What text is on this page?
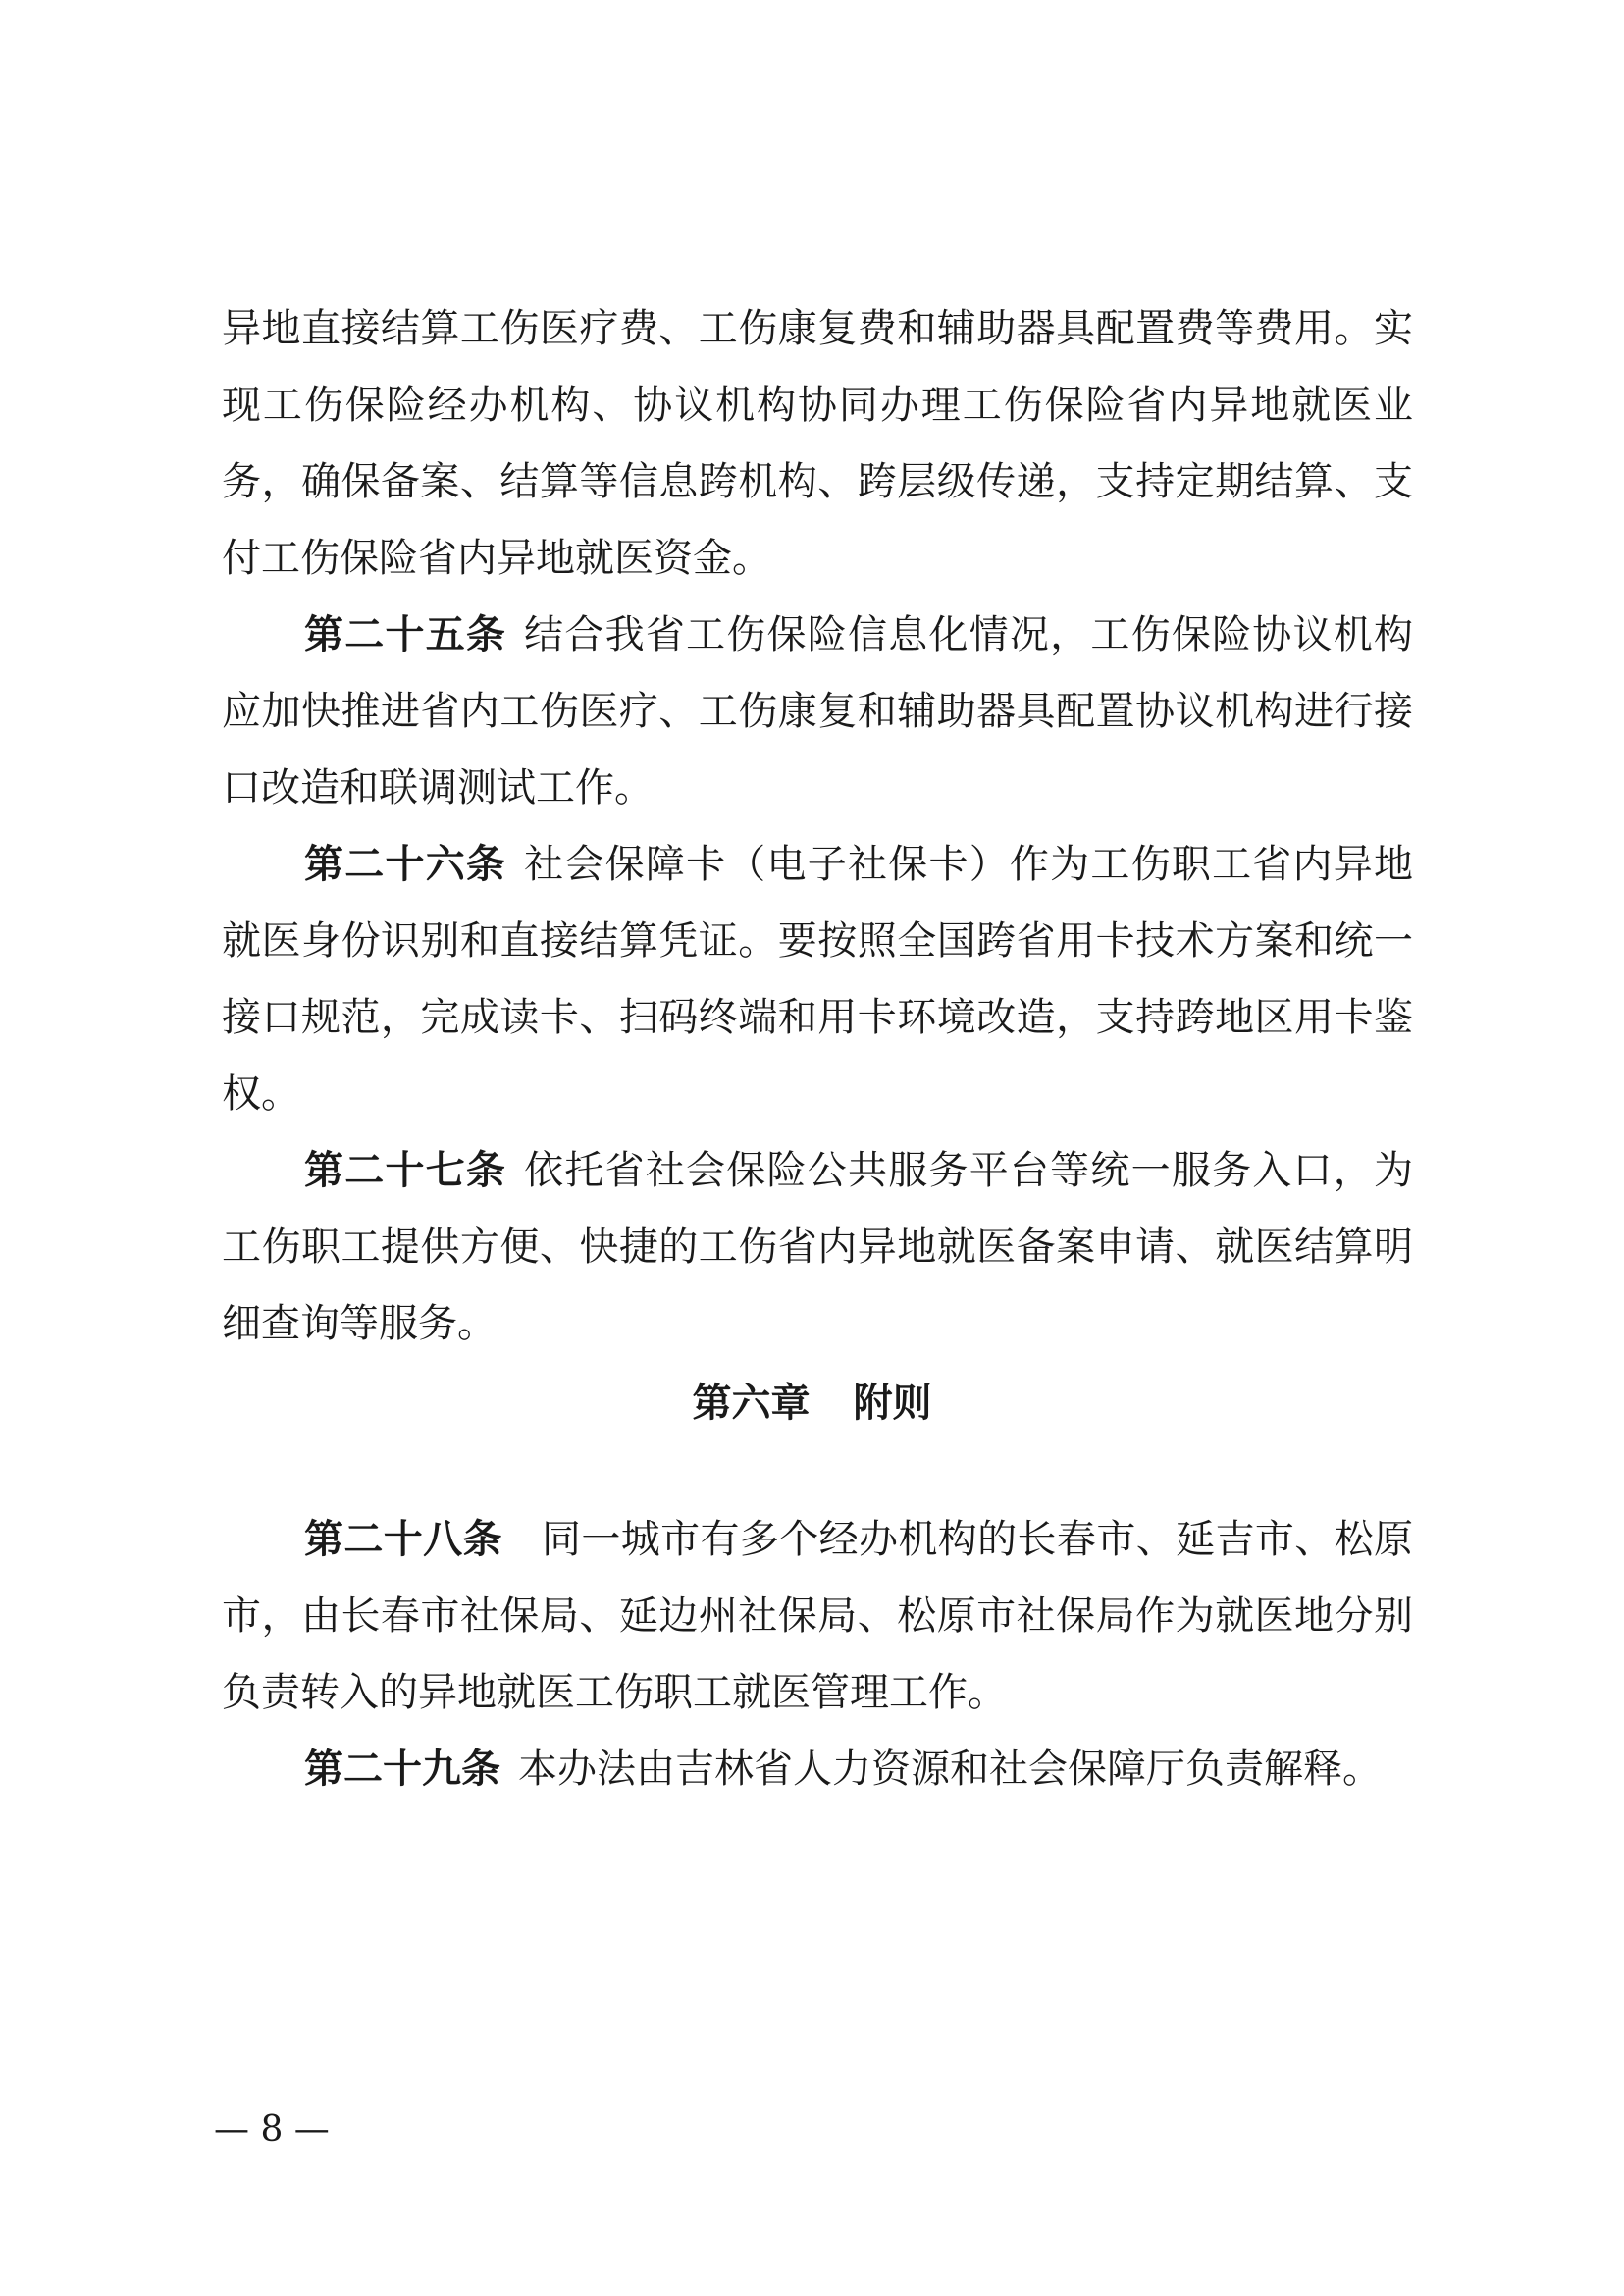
异地直接结算工伤医疗费、工伤康复费和辅助器具配置费等费用。实现工伤保险经办机构、协议机构协同办理工伤保险省内异地就医业务，确保备案、结算等信息跨机构、跨层级传递，支持定期结算、支付工伤保险省内异地就医资金。

第二十五条 结合我省工伤保险信息化情况，工伤保险协议机构应加快推进省内工伤医疗、工伤康复和辅助器具配置协议机构进行接口改造和联调测试工作。

第二十六条 社会保障卡（电子社保卡）作为工伤职工省内异地就医身份识别和直接结算凭证。要按照全国跨省用卡技术方案和统一接口规范，完成读卡、扫码终端和用卡环境改造，支持跨地区用卡鉴权。

第二十七条 依托省社会保险公共服务平台等统一服务入口，为工伤职工提供方便、快捷的工伤省内异地就医备案申请、就医结算明细查询等服务。

第六章 附则

第二十八条 同一城市有多个经办机构的长春市、延吉市、松原市，由长春市社保局、延边州社保局、松原市社保局作为就医地分别负责转入的异地就医工伤职工就医管理工作。

第二十九条 本办法由吉林省人力资源和社会保障厅负责解释。

— 8 —
